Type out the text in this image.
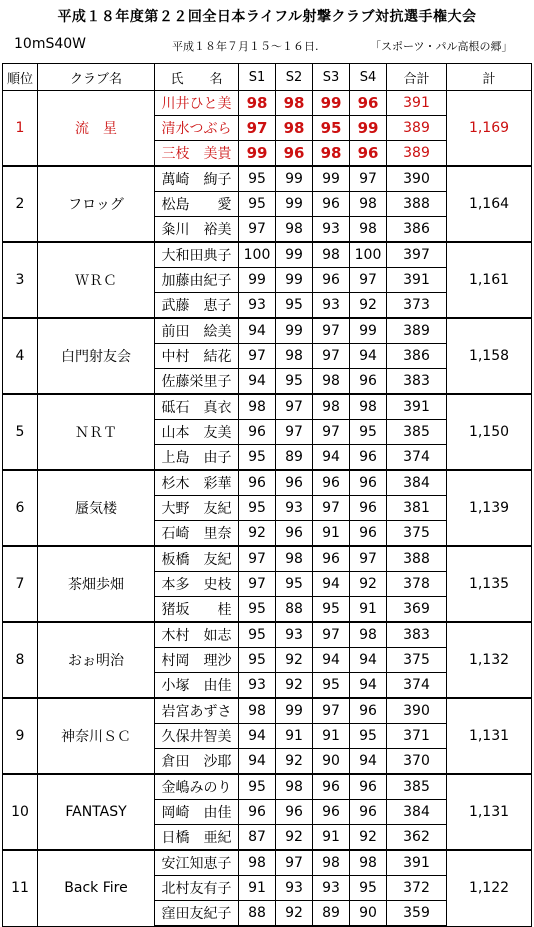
平成１８年度第２２回全日本ライフル射撃クラブ対抗選手権大会
10mS40W	平成１８年７月１５～１６日.	「スポーツ・パル高根の郷」
順位	クラブ名	氏　　名	S1	S2	S3	S4	合計	計
1	流　星	川井ひと美	98	98	99	96	391	1,169
		清水つぶら	97	98	95	99	389	
		三枝　美貴	99	96	98	96	389	
2	フロッグ	萬崎　絢子	95	99	99	97	390	1,164
		松島　　愛	95	99	96	98	388	
		粂川　裕美	97	98	93	98	386	
3	ＷＲＣ	大和田典子	100	99	98	100	397	1,161
		加藤由紀子	99	99	96	97	391	
		武藤　恵子	93	95	93	92	373	
4	白門射友会	前田　絵美	94	99	97	99	389	1,158
		中村　結花	97	98	97	94	386	
		佐藤栄里子	94	95	98	96	383	
5	ＮＲＴ	砥石　真衣	98	97	98	98	391	1,150
		山本　友美	96	97	97	95	385	
		上島　由子	95	89	94	96	374	
6	蜃気楼	杉木　彩華	96	96	96	96	384	1,139
		大野　友紀	95	93	97	96	381	
		石崎　里奈	92	96	91	96	375	
7	茶畑歩畑	板橋　友紀	97	98	96	97	388	1,135
		本多　史枝	97	95	94	92	378	
		猪坂　　桂	95	88	95	91	369	
8	おぉ明治	木村　如志	95	93	97	98	383	1,132
		村岡　理沙	95	92	94	94	375	
		小塚　由佳	93	92	95	94	374	
9	神奈川ＳＣ	岩宮あずさ	98	99	97	96	390	1,131
		久保井智美	94	91	91	95	371	
		倉田　沙耶	94	92	90	94	370	
10	FANTASY	金嶋みのり	95	98	96	96	385	1,131
		岡崎　由佳	96	96	96	96	384	
		日橋　亜紀	87	92	91	92	362	
11	Back Fire	安江知恵子	98	97	98	98	391	1,122
		北村友有子	91	93	93	95	372	
		窪田友紀子	88	92	89	90	359	
